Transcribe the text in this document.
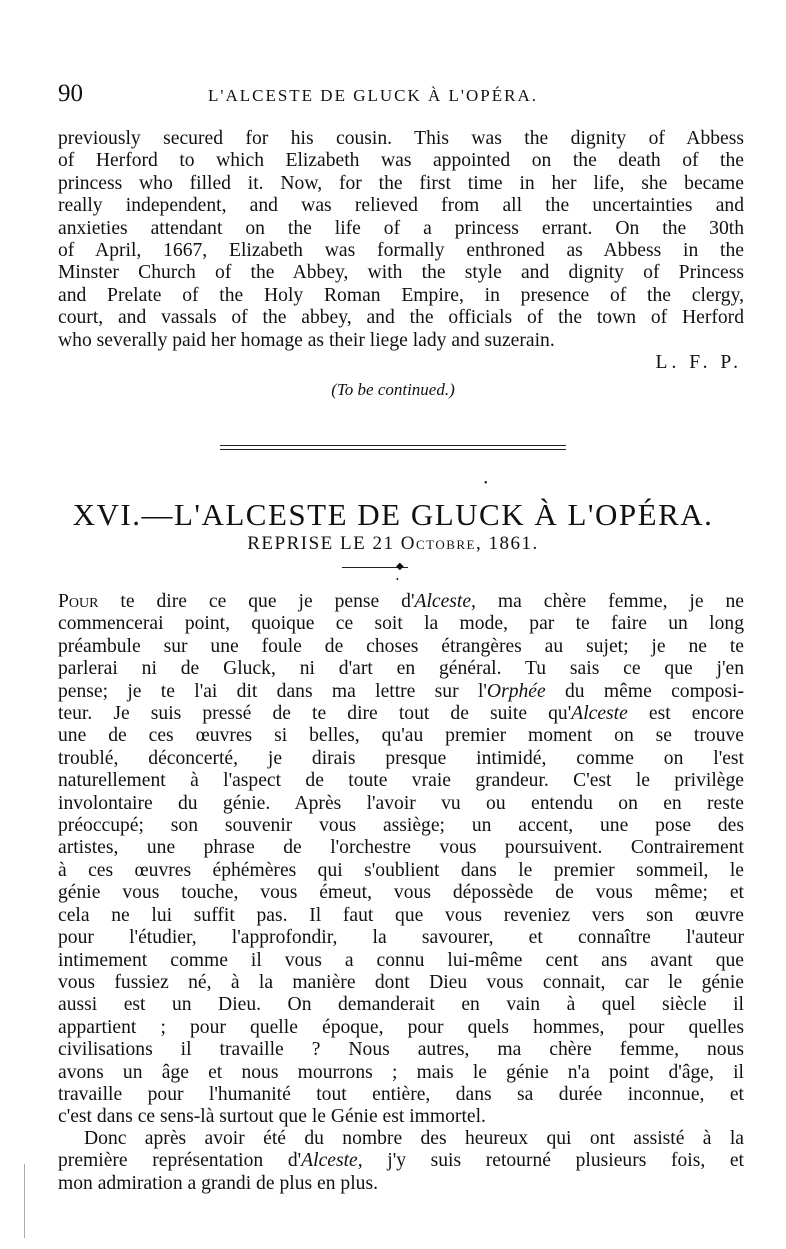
90	L'ALCESTE DE GLUCK À L'OPÉRA.
previously secured for his cousin. This was the dignity of Abbess
of Herford to which Elizabeth was appointed on the death of the
princess who filled it. Now, for the first time in her life, she became
really independent, and was relieved from all the uncertainties and
anxieties attendant on the life of a princess errant. On the 30th
of April, 1667, Elizabeth was formally enthroned as Abbess in the
Minster Church of the Abbey, with the style and dignity of Princess
and Prelate of the Holy Roman Empire, in presence of the clergy,
court, and vassals of the abbey, and the officials of the town of Herford
who severally paid her homage as their liege lady and suzerain.
L. F. P.
(To be continued.)
•
XVI.—L'ALCESTE DE GLUCK À L'OPÉRA.
REPRISE LE 21 Octobre, 1861.
◆
•
Pour te dire ce que je pense d'Alceste, ma chère femme, je ne
commencerai point, quoique ce soit la mode, par te faire un long
préambule sur une foule de choses étrangères au sujet; je ne te
parlerai ni de Gluck, ni d'art en général. Tu sais ce que j'en
pense; je te l'ai dit dans ma lettre sur l'Orphée du même composi-
teur. Je suis pressé de te dire tout de suite qu'Alceste est encore
une de ces œuvres si belles, qu'au premier moment on se trouve
troublé, déconcerté, je dirais presque intimidé, comme on l'est
naturellement à l'aspect de toute vraie grandeur. C'est le privilège
involontaire du génie. Après l'avoir vu ou entendu on en reste
préoccupé; son souvenir vous assiège; un accent, une pose des
artistes, une phrase de l'orchestre vous poursuivent. Contrairement
à ces œuvres éphémères qui s'oublient dans le premier sommeil, le
génie vous touche, vous émeut, vous dépossède de vous même; et
cela ne lui suffit pas. Il faut que vous reveniez vers son œuvre
pour l'étudier, l'approfondir, la savourer, et connaître l'auteur
intimement comme il vous a connu lui-même cent ans avant que
vous fussiez né, à la manière dont Dieu vous connait, car le génie
aussi est un Dieu. On demanderait en vain à quel siècle il
appartient ; pour quelle époque, pour quels hommes, pour quelles
civilisations il travaille ? Nous autres, ma chère femme, nous
avons un âge et nous mourrons ; mais le génie n'a point d'âge, il
travaille pour l'humanité tout entière, dans sa durée inconnue, et
c'est dans ce sens-là surtout que le Génie est immortel.
Donc après avoir été du nombre des heureux qui ont assisté à la
première représentation d'Alceste, j'y suis retourné plusieurs fois, et
mon admiration a grandi de plus en plus.
